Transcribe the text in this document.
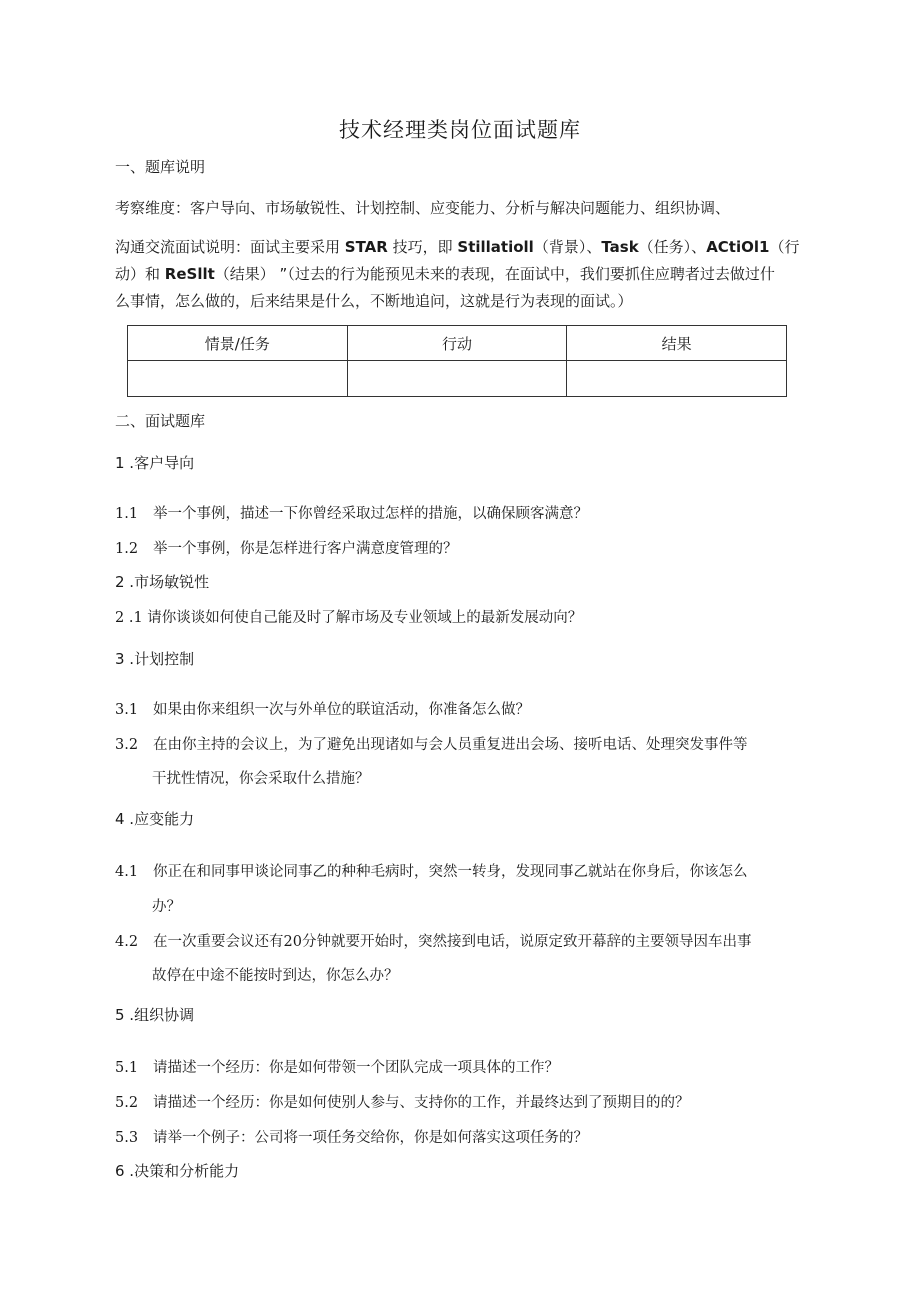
技术经理类岗位面试题库
一、题库说明
考察维度：客户导向、市场敏锐性、计划控制、应变能力、分析与解决问题能力、组织协调、
沟通交流面试说明：面试主要采用 STAR 技巧，即 Stillatioll（背景）、Task（任务）、ACtiOl1（行
动）和 ReSllt（结果） ”（过去的行为能预见未来的表现，在面试中，我们要抓住应聘者过去做过什
么事情，怎么做的，后来结果是什么，不断地追问，这就是行为表现的面试。）
情景/任务	行动	结果

二、面试题库
1 .客户导向
1.1 举一个事例，描述一下你曾经采取过怎样的措施，以确保顾客满意？
1.2 举一个事例，你是怎样进行客户满意度管理的？
2 .市场敏锐性
2 .1 请你谈谈如何使自己能及时了解市场及专业领域上的最新发展动向？
3 .计划控制
3.1 如果由你来组织一次与外单位的联谊活动，你准备怎么做？
3.2 在由你主持的会议上，为了避免出现诸如与会人员重复进出会场、接听电话、处理突发事件等
干扰性情况，你会采取什么措施？
4 .应变能力
4.1 你正在和同事甲谈论同事乙的种种毛病时，突然一转身，发现同事乙就站在你身后，你该怎么
办？
4.2 在一次重要会议还有20分钟就要开始时，突然接到电话，说原定致开幕辞的主要领导因车出事
故停在中途不能按时到达，你怎么办？
5 .组织协调
5.1 请描述一个经历：你是如何带领一个团队完成一项具体的工作？
5.2 请描述一个经历：你是如何使别人参与、支持你的工作，并最终达到了预期目的的？
5.3 请举一个例子：公司将一项任务交给你，你是如何落实这项任务的？
6 .决策和分析能力
